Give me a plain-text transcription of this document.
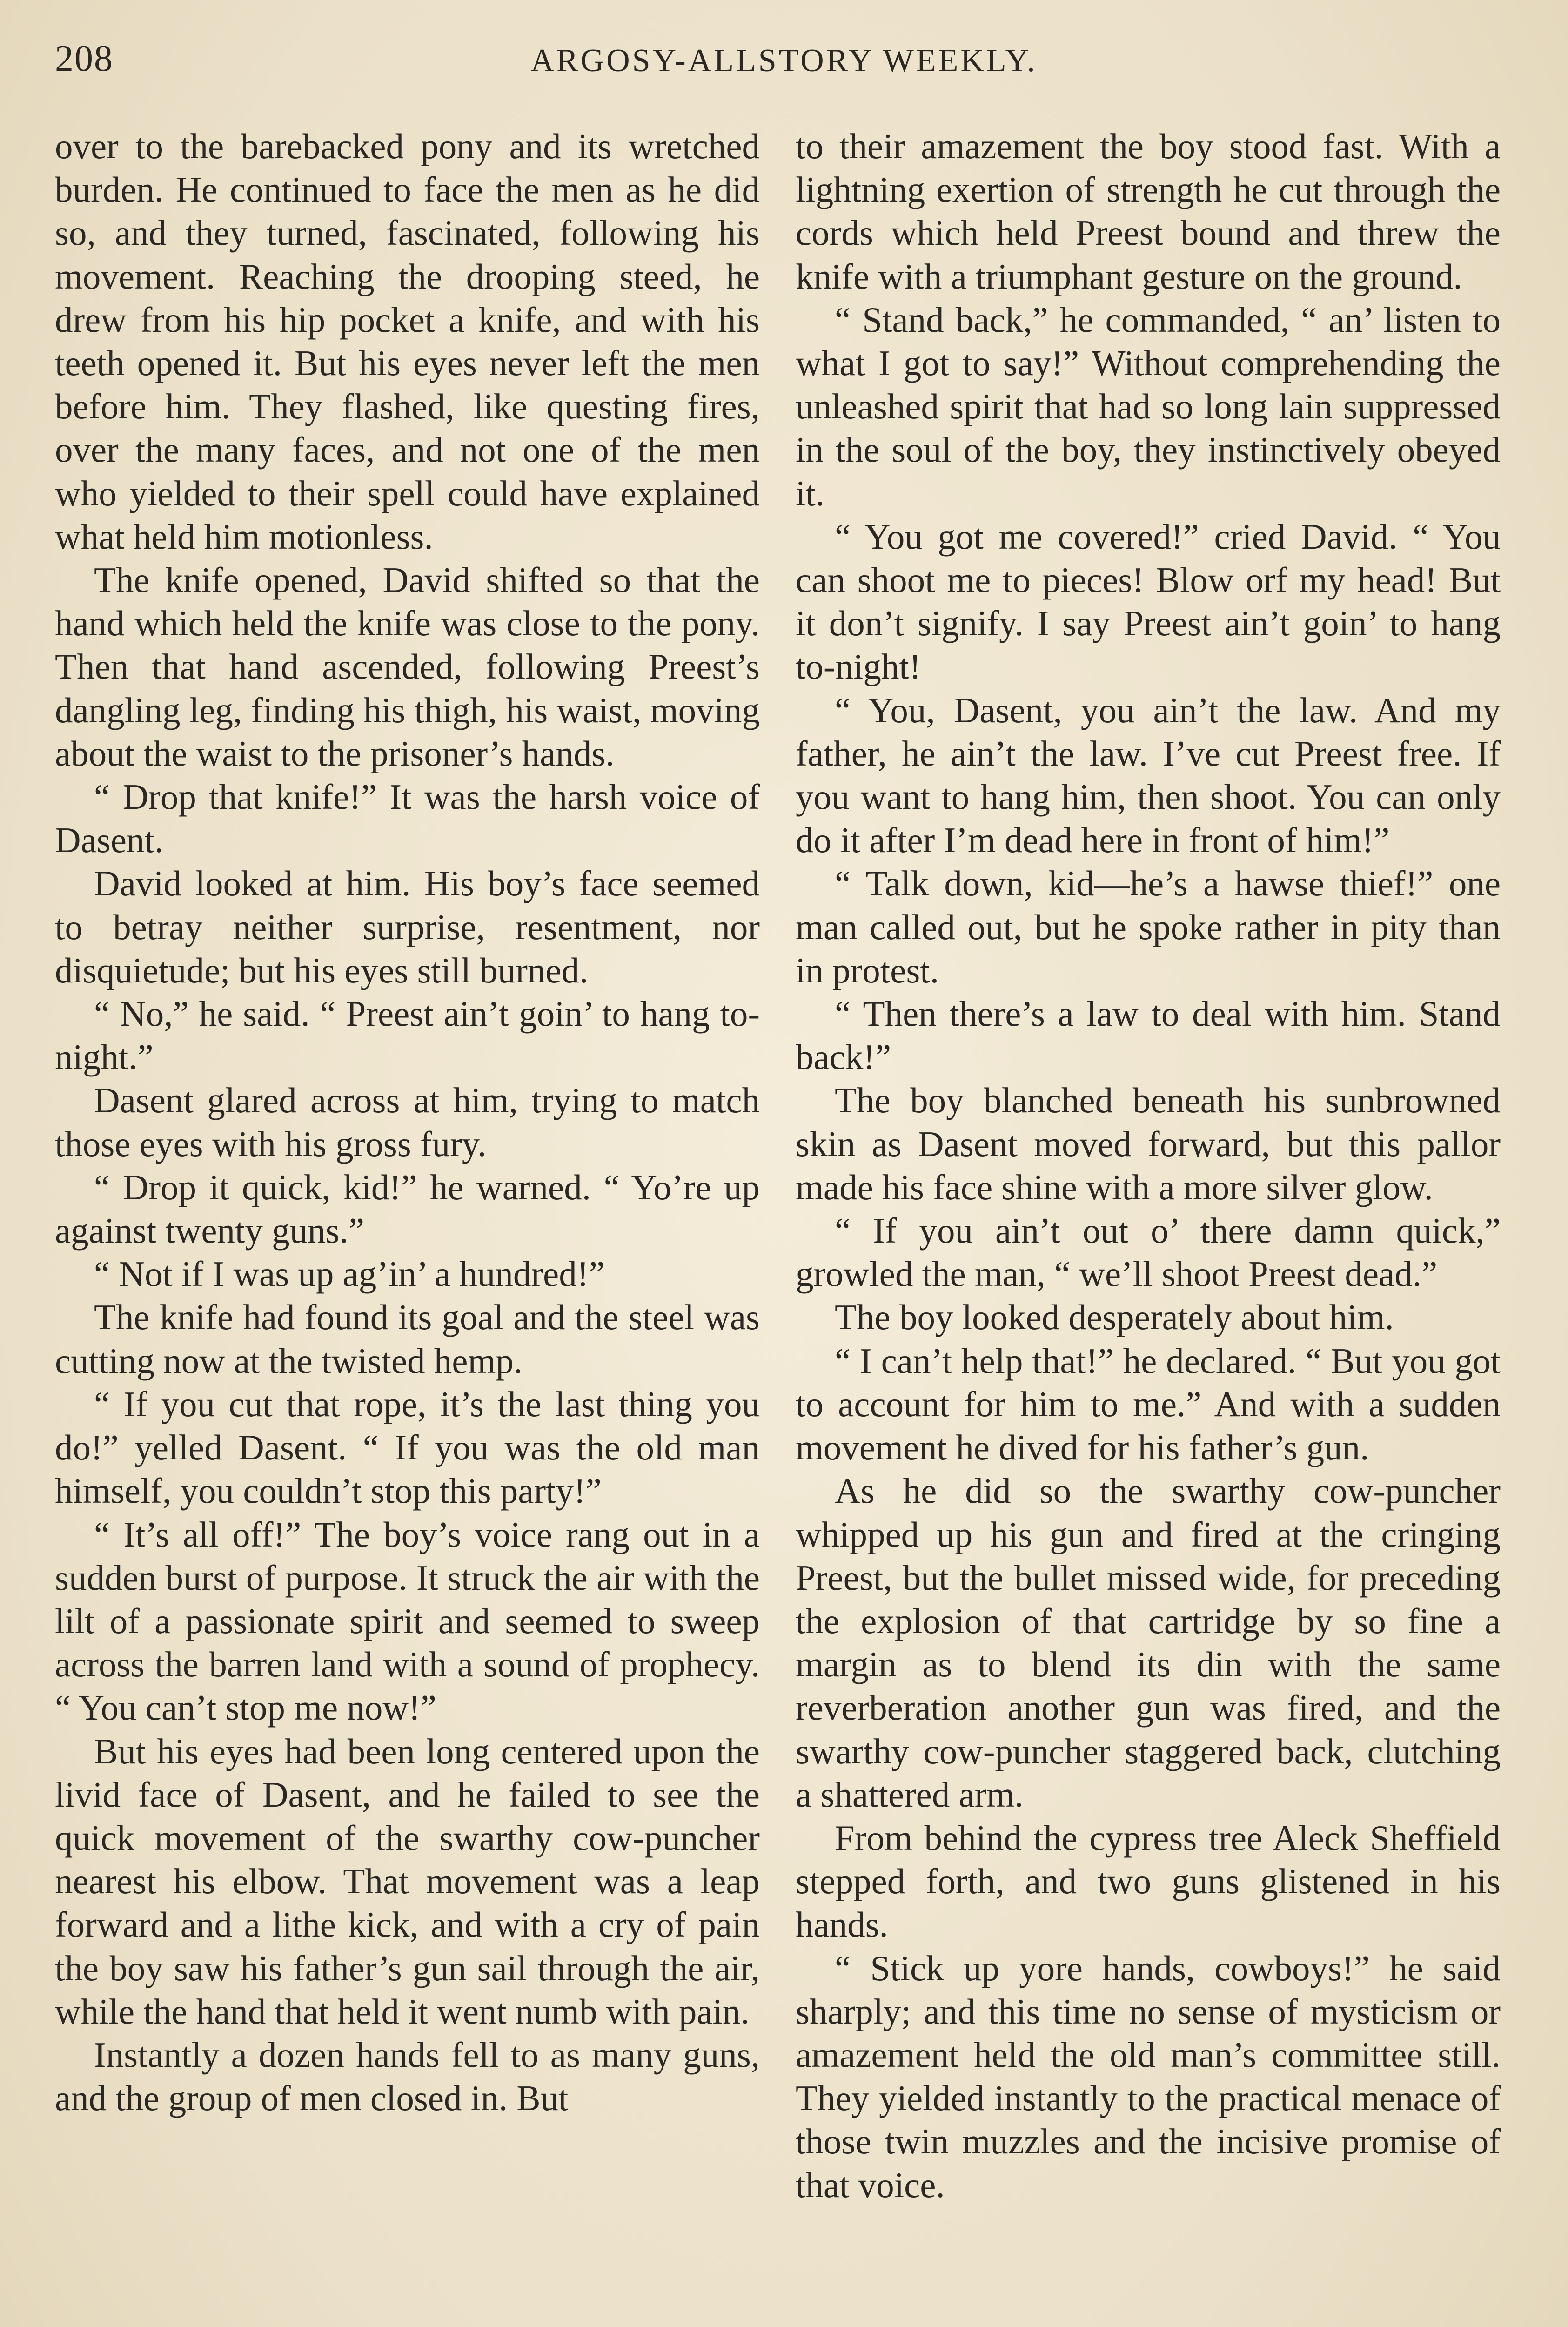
208	ARGOSY-ALLSTORY WEEKLY.

over to the barebacked pony and its wretched burden. He continued to face the men as he did so, and they turned, fascinated, following his movement. Reaching the drooping steed, he drew from his hip pocket a knife, and with his teeth opened it. But his eyes never left the men before him. They flashed, like questing fires, over the many faces, and not one of the men who yielded to their spell could have explained what held him motionless.

The knife opened, David shifted so that the hand which held the knife was close to the pony. Then that hand ascended, following Preest’s dangling leg, finding his thigh, his waist, moving about the waist to the prisoner’s hands.

“ Drop that knife!” It was the harsh voice of Dasent.

David looked at him. His boy’s face seemed to betray neither surprise, resentment, nor disquietude; but his eyes still burned.

“ No,” he said. “ Preest ain’t goin’ to hang to-night.”

Dasent glared across at him, trying to match those eyes with his gross fury.

“ Drop it quick, kid!” he warned. “ Yo’re up against twenty guns.”

“ Not if I was up ag’in’ a hundred!”

The knife had found its goal and the steel was cutting now at the twisted hemp.

“ If you cut that rope, it’s the last thing you do!” yelled Dasent. “ If you was the old man himself, you couldn’t stop this party!”

“ It’s all off!” The boy’s voice rang out in a sudden burst of purpose. It struck the air with the lilt of a passionate spirit and seemed to sweep across the barren land with a sound of prophecy. “ You can’t stop me now!”

But his eyes had been long centered upon the livid face of Dasent, and he failed to see the quick movement of the swarthy cow-puncher nearest his elbow. That movement was a leap forward and a lithe kick, and with a cry of pain the boy saw his father’s gun sail through the air, while the hand that held it went numb with pain.

Instantly a dozen hands fell to as many guns, and the group of men closed in. But

to their amazement the boy stood fast. With a lightning exertion of strength he cut through the cords which held Preest bound and threw the knife with a triumphant gesture on the ground.

“ Stand back,” he commanded, “ an’ listen to what I got to say!” Without comprehending the unleashed spirit that had so long lain suppressed in the soul of the boy, they instinctively obeyed it.

“ You got me covered!” cried David. “ You can shoot me to pieces! Blow orf my head! But it don’t signify. I say Preest ain’t goin’ to hang to-night!

“ You, Dasent, you ain’t the law. And my father, he ain’t the law. I’ve cut Preest free. If you want to hang him, then shoot. You can only do it after I’m dead here in front of him!”

“ Talk down, kid—he’s a hawse thief!” one man called out, but he spoke rather in pity than in protest.

“ Then there’s a law to deal with him. Stand back!”

The boy blanched beneath his sunbrowned skin as Dasent moved forward, but this pallor made his face shine with a more silver glow.

“ If you ain’t out o’ there damn quick,” growled the man, “ we’ll shoot Preest dead.”

The boy looked desperately about him.

“ I can’t help that!” he declared. “ But you got to account for him to me.” And with a sudden movement he dived for his father’s gun.

As he did so the swarthy cow-puncher whipped up his gun and fired at the cringing Preest, but the bullet missed wide, for preceding the explosion of that cartridge by so fine a margin as to blend its din with the same reverberation another gun was fired, and the swarthy cow-puncher staggered back, clutching a shattered arm.

From behind the cypress tree Aleck Sheffield stepped forth, and two guns glistened in his hands.

“ Stick up yore hands, cowboys!” he said sharply; and this time no sense of mysticism or amazement held the old man’s committee still. They yielded instantly to the practical menace of those twin muzzles and the incisive promise of that voice.
